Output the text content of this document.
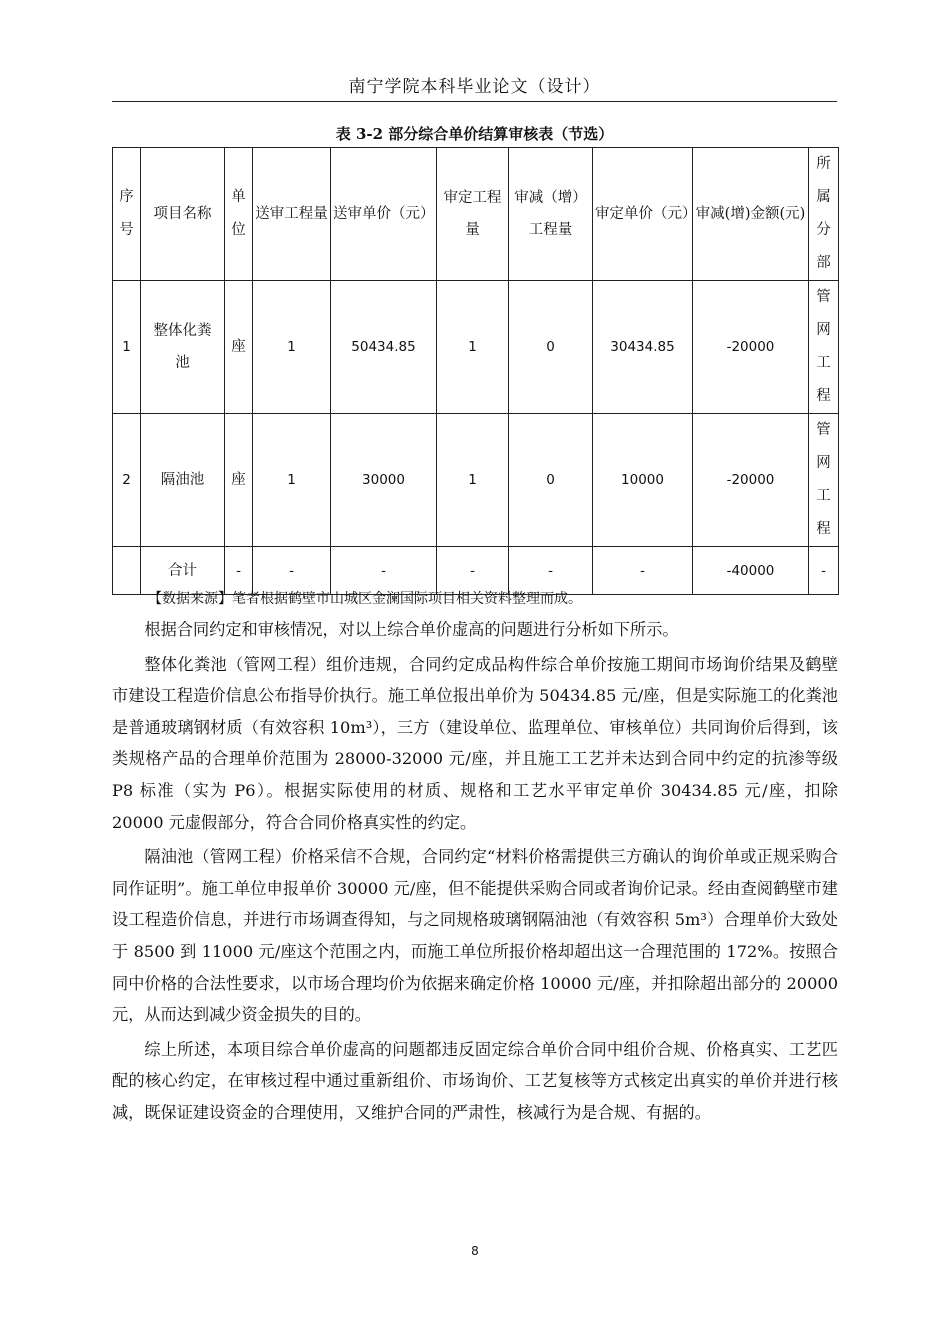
南宁学院本科毕业论文（设计）
表 3-2 部分综合单价结算审核表（节选）
序号	项目名称	单位	送审工程量	送审单价（元）	审定工程量	审减（增）工程量	审定单价（元）	审减(增)金额(元)	所属分部
1	整体化粪池	座	1	50434.85	1	0	30434.85	-20000	管网工程
2	隔油池	座	1	30000	1	0	10000	-20000	管网工程
	合计	-	-	-	-	-	-	-40000	-
【数据来源】笔者根据鹤壁市山城区金澜国际项目相关资料整理而成。

根据合同约定和审核情况，对以上综合单价虚高的问题进行分析如下所示。

整体化粪池（管网工程）组价违规，合同约定成品构件综合单价按施工期间市场询价结果及鹤壁市建设工程造价信息公布指导价执行。施工单位报出单价为 50434.85 元/座，但是实际施工的化粪池是普通玻璃钢材质（有效容积 10m³），三方（建设单位、监理单位、审核单位）共同询价后得到，该类规格产品的合理单价范围为 28000-32000 元/座，并且施工工艺并未达到合同中约定的抗渗等级 P8 标准（实为 P6）。根据实际使用的材质、规格和工艺水平审定单价 30434.85 元/座，扣除 20000 元虚假部分，符合合同价格真实性的约定。

隔油池（管网工程）价格采信不合规，合同约定“材料价格需提供三方确认的询价单或正规采购合同作证明”。施工单位申报单价 30000 元/座，但不能提供采购合同或者询价记录。经由查阅鹤壁市建设工程造价信息，并进行市场调查得知，与之同规格玻璃钢隔油池（有效容积 5m³）合理单价大致处于 8500 到 11000 元/座这个范围之内，而施工单位所报价格却超出这一合理范围的 172%。按照合同中价格的合法性要求，以市场合理均价为依据来确定价格 10000 元/座，并扣除超出部分的 20000 元，从而达到减少资金损失的目的。

综上所述，本项目综合单价虚高的问题都违反固定综合单价合同中组价合规、价格真实、工艺匹配的核心约定，在审核过程中通过重新组价、市场询价、工艺复核等方式核定出真实的单价并进行核减，既保证建设资金的合理使用，又维护合同的严肃性，核减行为是合规、有据的。

8
